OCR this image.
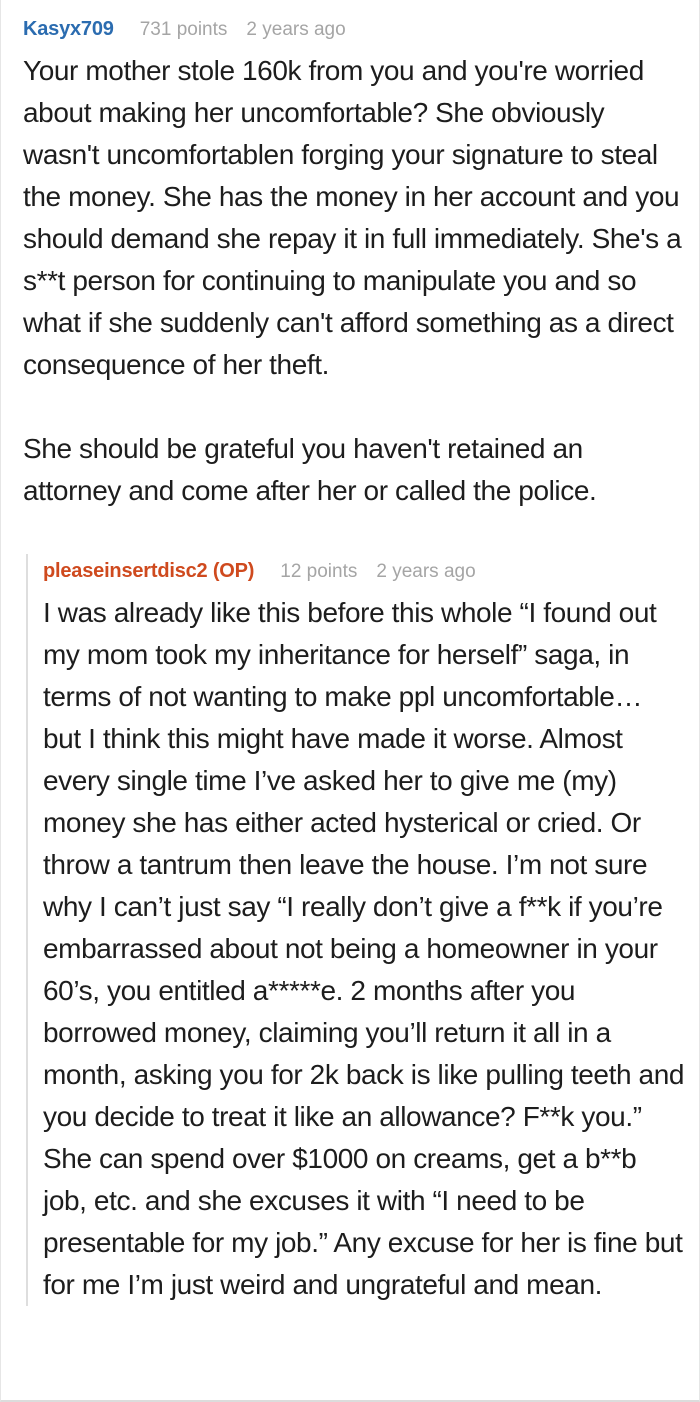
Kasyx709 731 points 2 years ago

Your mother stole 160k from you and you're worried about making her uncomfortable? She obviously wasn't uncomfortablen forging your signature to steal the money. She has the money in her account and you should demand she repay it in full immediately. She's a s**t person for continuing to manipulate you and so what if she suddenly can't afford something as a direct consequence of her theft.

She should be grateful you haven't retained an attorney and come after her or called the police.

pleaseinsertdisc2 (OP) 12 points 2 years ago

I was already like this before this whole “I found out my mom took my inheritance for herself” saga, in terms of not wanting to make ppl uncomfortable… but I think this might have made it worse. Almost every single time I’ve asked her to give me (my) money she has either acted hysterical or cried. Or throw a tantrum then leave the house. I’m not sure why I can’t just say “I really don’t give a f**k if you’re embarrassed about not being a homeowner in your 60’s, you entitled a*****e. 2 months after you borrowed money, claiming you’ll return it all in a month, asking you for 2k back is like pulling teeth and you decide to treat it like an allowance? F**k you.” She can spend over $1000 on creams, get a b**b job, etc. and she excuses it with “I need to be presentable for my job.” Any excuse for her is fine but for me I’m just weird and ungrateful and mean.
